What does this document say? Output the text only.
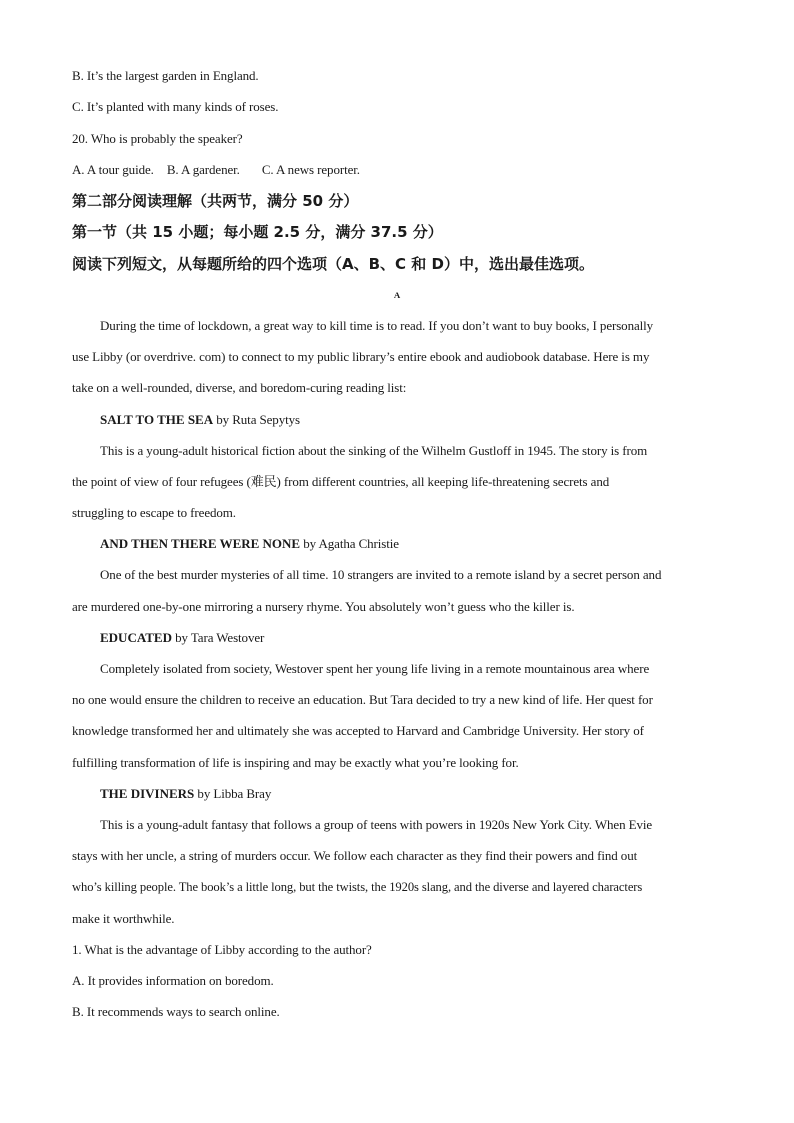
B. It’s the largest garden in England.
C. It’s planted with many kinds of roses.
20. Who is probably the speaker?
A. A tour guide. B. A gardener. C. A news reporter.
第二部分阅读理解（共两节，满分 50 分）
第一节（共 15 小题；每小题 2.5 分，满分 37.5 分）
阅读下列短文，从每题所给的四个选项（A、B、C 和 D）中，选出最佳选项。
A
During the time of lockdown, a great way to kill time is to read. If you don’t want to buy books, I personally
use Libby (or overdrive. com) to connect to my public library’s entire ebook and audiobook database. Here is my
take on a well-rounded, diverse, and boredom-curing reading list:
SALT TO THE SEA by Ruta Sepytys
This is a young-adult historical fiction about the sinking of the Wilhelm Gustloff in 1945. The story is from
the point of view of four refugees (难民) from different countries, all keeping life-threatening secrets and
struggling to escape to freedom.
AND THEN THERE WERE NONE by Agatha Christie
One of the best murder mysteries of all time. 10 strangers are invited to a remote island by a secret person and
are murdered one-by-one mirroring a nursery rhyme. You absolutely won’t guess who the killer is.
EDUCATED by Tara Westover
Completely isolated from society, Westover spent her young life living in a remote mountainous area where
no one would ensure the children to receive an education. But Tara decided to try a new kind of life. Her quest for
knowledge transformed her and ultimately she was accepted to Harvard and Cambridge University. Her story of
fulfilling transformation of life is inspiring and may be exactly what you’re looking for.
THE DIVINERS by Libba Bray
This is a young-adult fantasy that follows a group of teens with powers in 1920s New York City. When Evie
stays with her uncle, a string of murders occur. We follow each character as they find their powers and find out
who’s killing people. The book’s a little long, but the twists, the 1920s slang, and the diverse and layered characters
make it worthwhile.
1. What is the advantage of Libby according to the author?
A. It provides information on boredom.
B. It recommends ways to search online.
